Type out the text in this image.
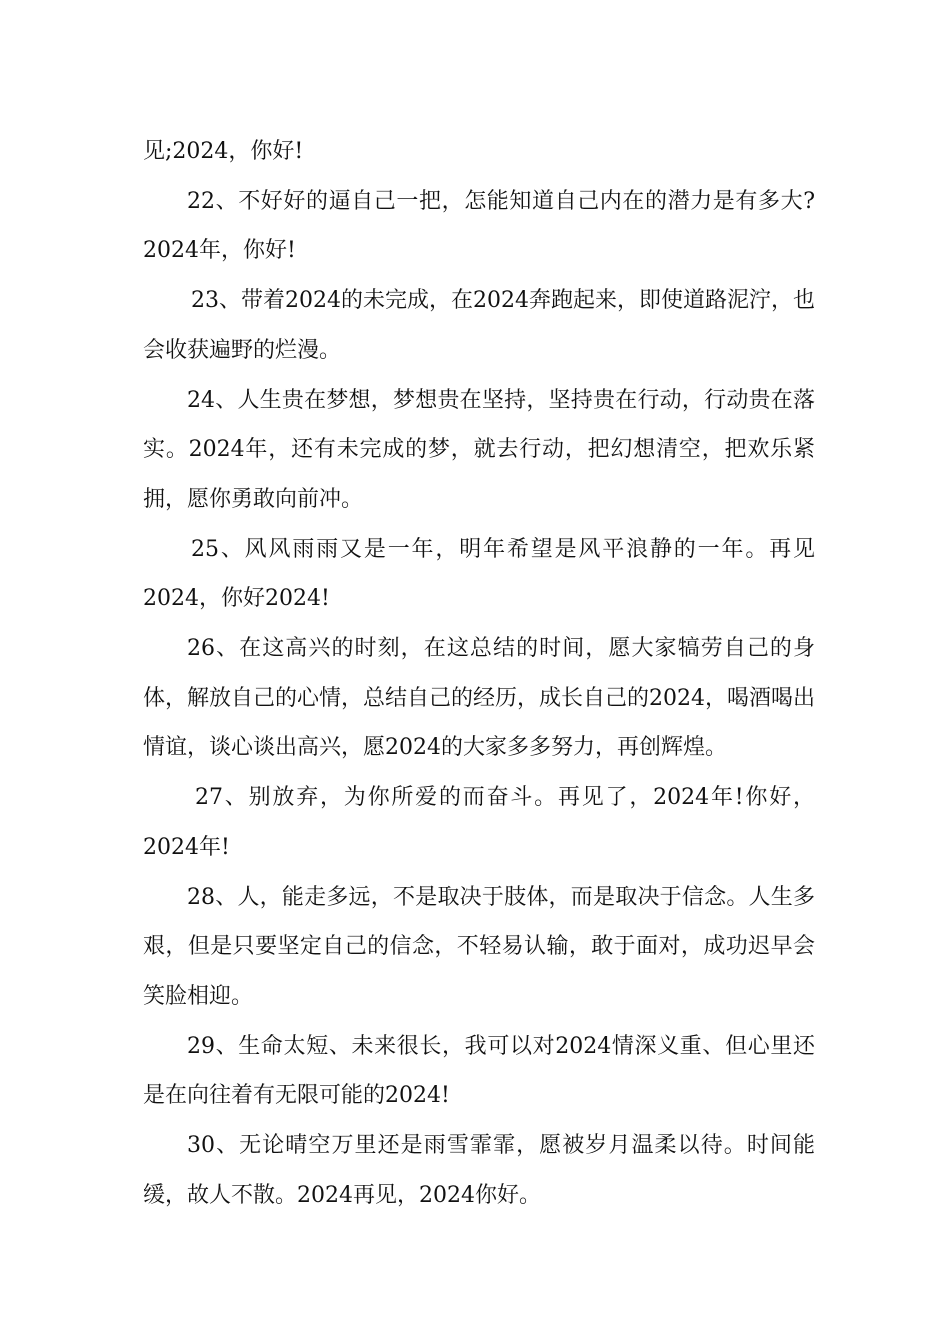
见;2024，你好!

22、不好好的逼自己一把，怎能知道自己内在的潜力是有多大?2024年，你好!

23、带着2024的未完成，在2024奔跑起来，即使道路泥泞，也会收获遍野的烂漫。

24、人生贵在梦想，梦想贵在坚持，坚持贵在行动，行动贵在落实。2024年，还有未完成的梦，就去行动，把幻想清空，把欢乐紧拥，愿你勇敢向前冲。

25、风风雨雨又是一年，明年希望是风平浪静的一年。再见2024，你好2024!

26、在这高兴的时刻，在这总结的时间，愿大家犒劳自己的身体，解放自己的心情，总结自己的经历，成长自己的2024，喝酒喝出情谊，谈心谈出高兴，愿2024的大家多多努力，再创辉煌。

27、别放弃，为你所爱的而奋斗。再见了，2024年!你好，2024年!

28、人，能走多远，不是取决于肢体，而是取决于信念。人生多艰，但是只要坚定自己的信念，不轻易认输，敢于面对，成功迟早会笑脸相迎。

29、生命太短、未来很长，我可以对2024情深义重、但心里还是在向往着有无限可能的2024!

30、无论晴空万里还是雨雪霏霏，愿被岁月温柔以待。时间能缓，故人不散。2024再见，2024你好。
